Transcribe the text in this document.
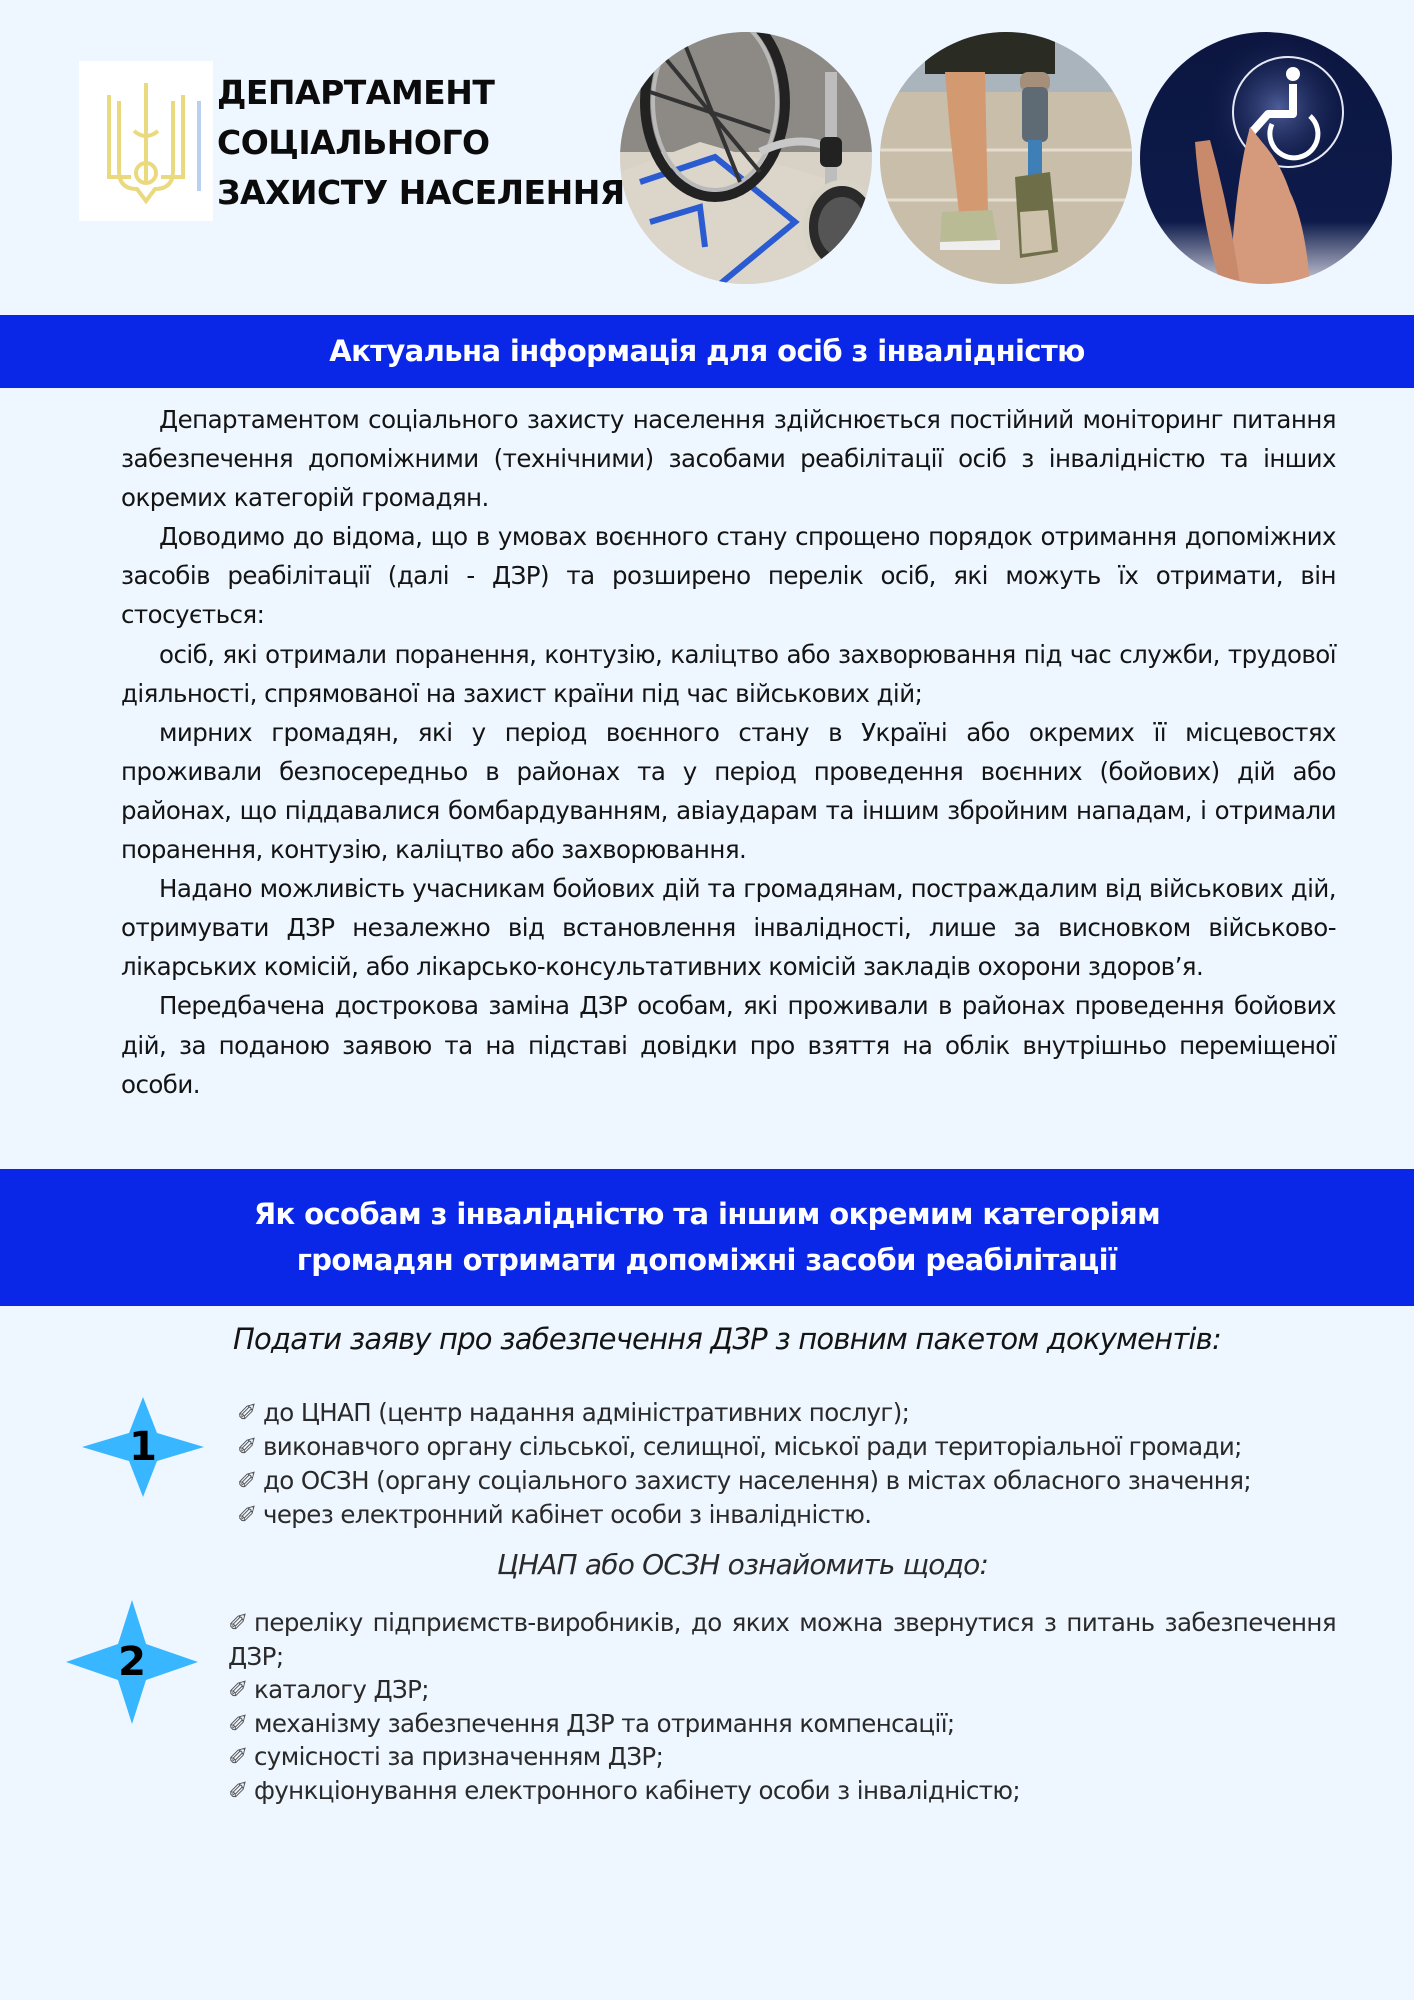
ДЕПАРТАМЕНТ
СОЦІАЛЬНОГО
ЗАХИСТУ НАСЕЛЕННЯ
Актуальна інформація для осіб з інвалідністю

Департаментом соціального захисту населення здійснюється постійний моніторинг питання забезпечення допоміжними (технічними) засобами реабілітації осіб з інвалідністю та інших окремих категорій громадян.

Доводимо до відома, що в умовах воєнного стану спрощено порядок отримання допоміжних засобів реабілітації (далі - ДЗР) та розширено перелік осіб, які можуть їх отримати, він стосується:

осіб, які отримали поранення, контузію, каліцтво або захворювання під час служби, трудової діяльності, спрямованої на захист країни під час військових дій;

мирних громадян, які у період воєнного стану в Україні або окремих її місцевостях проживали безпосередньо в районах та у період проведення воєнних (бойових) дій або районах, що піддавалися бомбардуванням, авіаударам та іншим збройним нападам, і отримали поранення, контузію, каліцтво або захворювання.

Надано можливість учасникам бойових дій та громадянам, постраждалим від військових дій, отримувати ДЗР незалежно від встановлення інвалідності, лише за висновком військово-лікарських комісій, або лікарсько-консультативних комісій закладів охорони здоров’я.

Передбачена дострокова заміна ДЗР особам, які проживали в районах проведення бойових дій, за поданою заявою та на підставі довідки про взяття на облік внутрішньо переміщеної особи.

Як особам з інвалідністю та іншим окремим категоріям
громадян отримати допоміжні засоби реабілітації
Подати заяву про забезпечення ДЗР з повним пакетом документів:
1
✐ до ЦНАП (центр надання адміністративних послуг);
✐ виконавчого органу сільської, селищної, міської ради територіальної громади;
✐ до ОСЗН (органу соціального захисту населення) в містах обласного значення;
✐ через електронний кабінет особи з інвалідністю.
ЦНАП або ОСЗН ознайомить щодо:
2
✐ переліку підприємств-виробників, до яких можна звернутися з питань забезпечення ДЗР;
✐ каталогу ДЗР;
✐ механізму забезпечення ДЗР та отримання компенсації;
✐ сумісності за призначенням ДЗР;
✐ функціонування електронного кабінету особи з інвалідністю;
